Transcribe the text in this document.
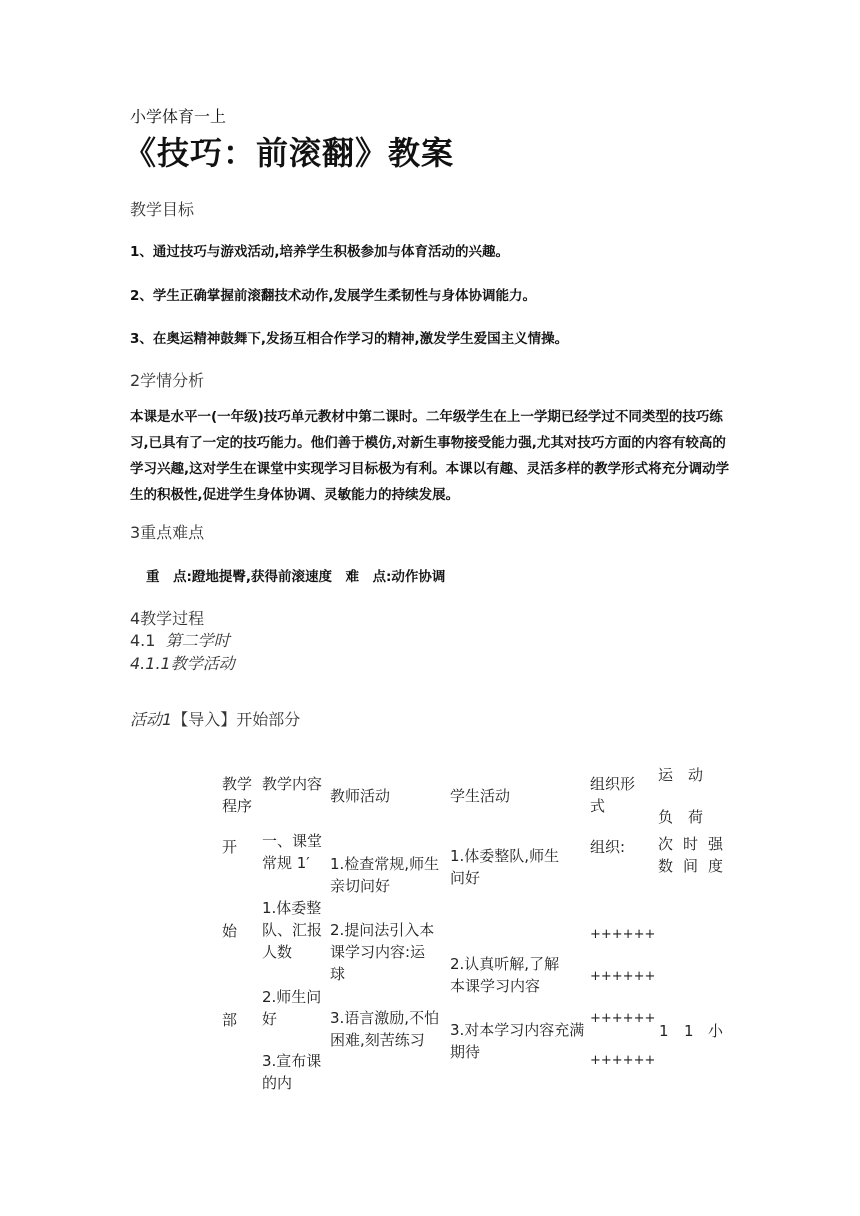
小学体育一上
《技巧：前滚翻》教案
教学目标
1、通过技巧与游戏活动,培养学生积极参加与体育活动的兴趣。
2、学生正确掌握前滚翻技术动作,发展学生柔韧性与身体协调能力。
3、在奥运精神鼓舞下,发扬互相合作学习的精神,激发学生爱国主义情操。
2学情分析
本课是水平一(一年级)技巧单元教材中第二课时。二年级学生在上一学期已经学过不同类型的技巧练习,已具有了一定的技巧能力。他们善于模仿,对新生事物接受能力强,尤其对技巧方面的内容有较高的学习兴趣,这对学生在课堂中实现学习目标极为有利。本课以有趣、灵活多样的教学形式将充分调动学生的积极性,促进学生身体协调、灵敏能力的持续发展。
3重点难点
重　点:蹬地提臀,获得前滚速度　难　点:动作协调
4教学过程
4.1 第二学时
4.1.1教学活动
活动1【导入】开始部分
教学程序
教学内容
教师活动	学生活动
组织形式
运　动
负　荷
次数
时间
强度
开
始
部
一、课堂常规 1′
1.体委整队、汇报人数
2.师生问好
3.宣布课的内
1.检查常规,师生亲切问好
2.提问法引入本课学习内容:运球
3.语言激励,不怕困难,刻苦练习
1.体委整队,师生问好
2.认真听解,了解本课学习内容
3.对本学习内容充满期待
组织:
++++++
++++++
++++++
++++++
1 1 小
